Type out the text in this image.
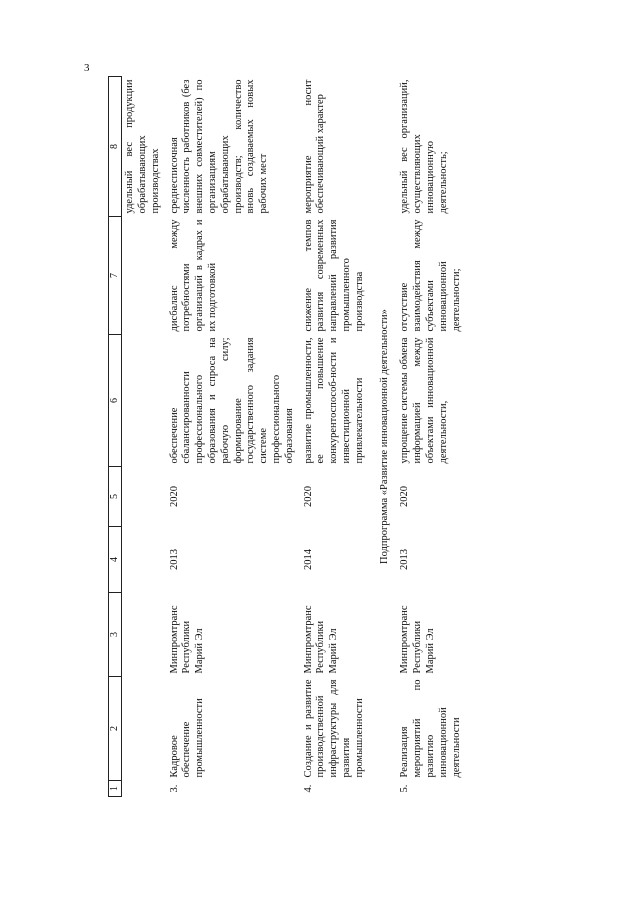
3
1	2	3	4	5	6	7	8
							удельный вес продукции обрабатывающих производствах
3.	Кадровое обеспечение промышленности	Минпромтранс Республики Марий Эл	2013	2020	обеспечение сбалансированности профессионального образования и спроса на рабочую силу; формирование государственного задания системе профессионального образования	дисбаланс между потребностями организаций в кадрах и их подготовкой	среднесписочная численность работников (без внешних совместителей) по организациям обрабатывающих производств; количество вновь создаваемых новых рабочих мест
4.	Создание и развитие производственной инфраструктуры для развития промышленности	Минпромтранс Республики Марий Эл	2014	2020	развитие промышленности, ее повышение конкурентоспособ-ности и инвестиционной привлекательности	снижение темпов развития современных направлений развития промышленного производства	мероприятие носит обеспечивающий характер
Подпрограмма «Развитие инновационной деятельности»							
5.	Реализация мероприятий по развитию инновационной деятельности	Минпромтранс Республики Марий Эл	2013	2020	упрощение системы обмена информацией между объектами инновационной деятельности,	отсутствие взаимодействия между субъектами инновационной деятельности;	удельный вес организаций, осуществляющих инновационную деятельность;
